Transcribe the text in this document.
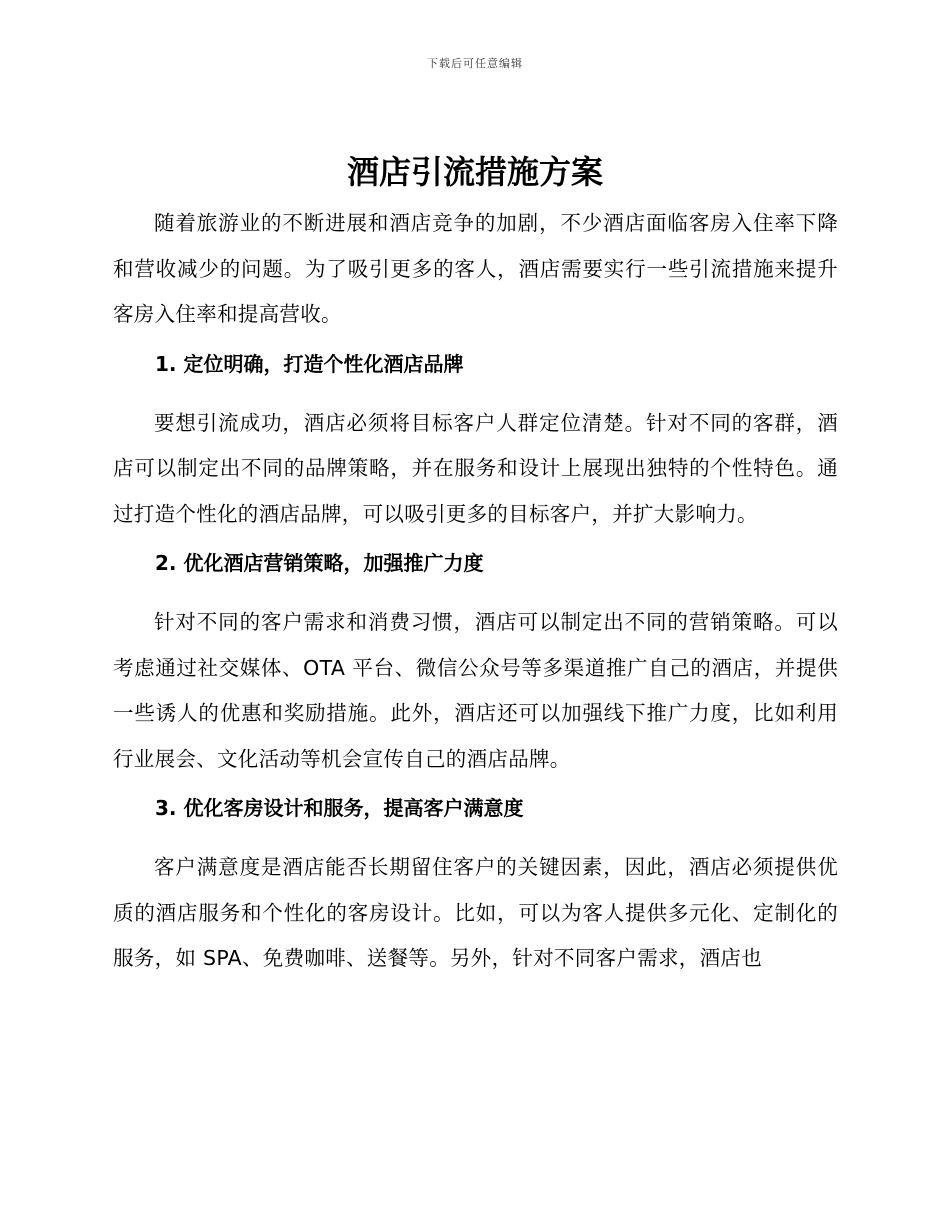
下载后可任意编辑
酒店引流措施方案

随着旅游业的不断进展和酒店竞争的加剧，不少酒店面临客房入住率下降和营收减少的问题。为了吸引更多的客人，酒店需要实行一些引流措施来提升客房入住率和提高营收。

1. 定位明确，打造个性化酒店品牌

要想引流成功，酒店必须将目标客户人群定位清楚。针对不同的客群，酒店可以制定出不同的品牌策略，并在服务和设计上展现出独特的个性特色。通过打造个性化的酒店品牌，可以吸引更多的目标客户，并扩大影响力。

2. 优化酒店营销策略，加强推广力度

针对不同的客户需求和消费习惯，酒店可以制定出不同的营销策略。可以考虑通过社交媒体、OTA 平台、微信公众号等多渠道推广自己的酒店，并提供一些诱人的优惠和奖励措施。此外，酒店还可以加强线下推广力度，比如利用行业展会、文化活动等机会宣传自己的酒店品牌。

3. 优化客房设计和服务，提高客户满意度

客户满意度是酒店能否长期留住客户的关键因素，因此，酒店必须提供优质的酒店服务和个性化的客房设计。比如，可以为客人提供多元化、定制化的服务，如 SPA、免费咖啡、送餐等。另外，针对不同客户需求，酒店也
